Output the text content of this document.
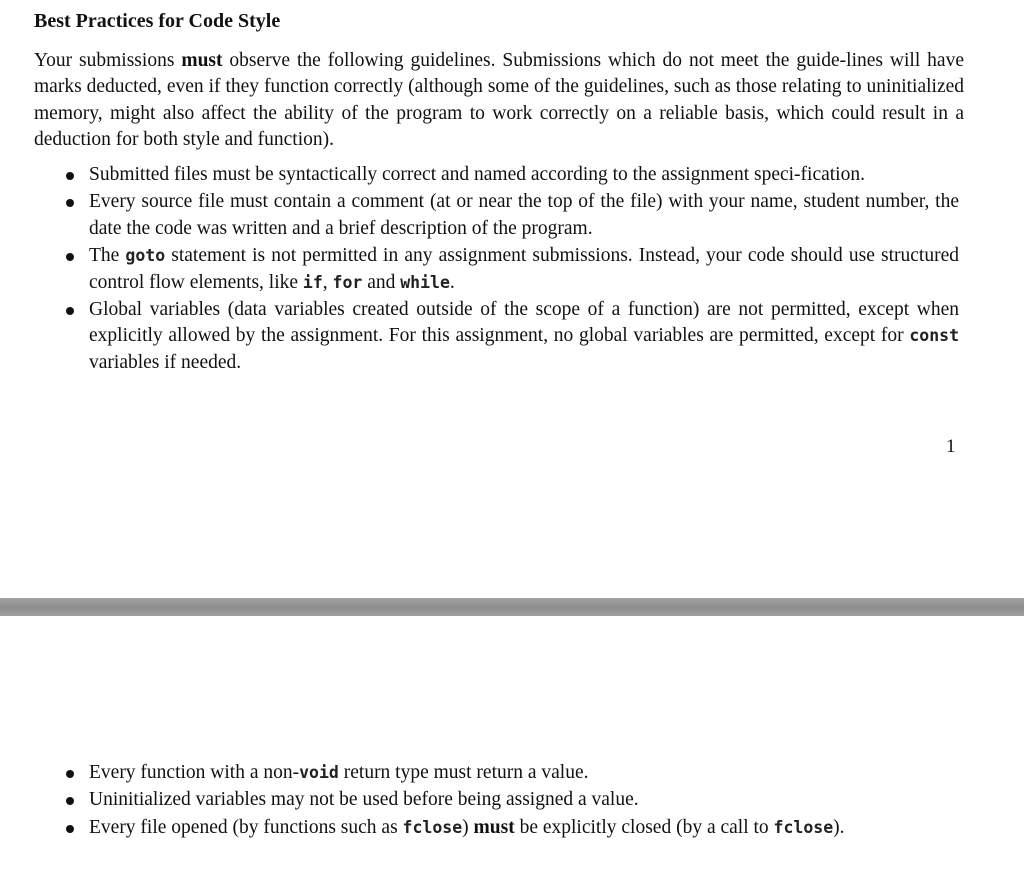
Best Practices for Code Style

Your submissions must observe the following guidelines. Submissions which do not meet the guide-lines will have marks deducted, even if they function correctly (although some of the guidelines, such as those relating to uninitialized memory, might also affect the ability of the program to work correctly on a reliable basis, which could result in a deduction for both style and function).

Submitted files must be syntactically correct and named according to the assignment speci-fication.
Every source file must contain a comment (at or near the top of the file) with your name, student number, the date the code was written and a brief description of the program.
The goto statement is not permitted in any assignment submissions. Instead, your code should use structured control flow elements, like if, for and while.
Global variables (data variables created outside of the scope of a function) are not permitted, except when explicitly allowed by the assignment. For this assignment, no global variables are permitted, except for const variables if needed.
1
Every function with a non-void return type must return a value.
Uninitialized variables may not be used before being assigned a value.
Every file opened (by functions such as fclose) must be explicitly closed (by a call to fclose).
